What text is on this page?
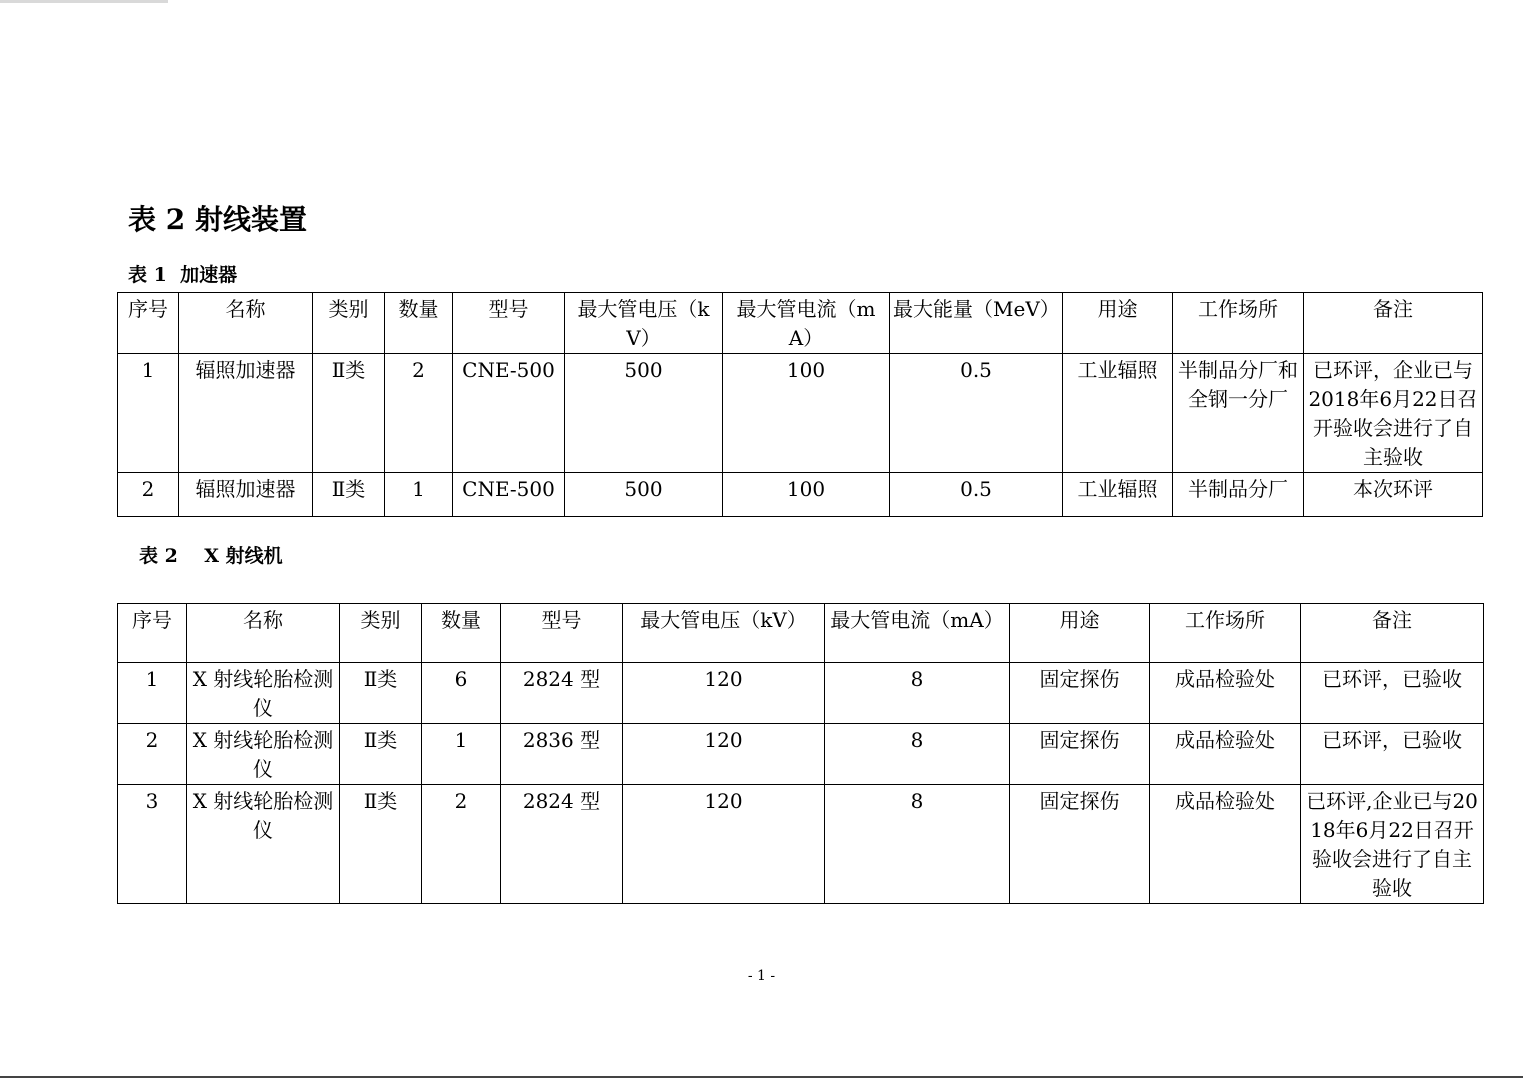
表 2 射线装置
表 1  加速器
序号	名称	类别	数量	型号	最大管电压（kV）	最大管电流（mA）	最大能量（MeV）	用途	工作场所	备注
1	辐照加速器	Ⅱ类	2	CNE-500	500	100	0.5	工业辐照	半制品分厂和全钢一分厂	已环评，企业已与2018年6月22日召开验收会进行了自主验收
2	辐照加速器	Ⅱ类	1	CNE-500	500	100	0.5	工业辐照	半制品分厂	本次环评
表 2    X 射线机
序号	名称	类别	数量	型号	最大管电压（kV）	最大管电流（mA）	用途	工作场所	备注
1	X 射线轮胎检测仪	Ⅱ类	6	2824 型	120	8	固定探伤	成品检验处	已环评，已验收
2	X 射线轮胎检测仪	Ⅱ类	1	2836 型	120	8	固定探伤	成品检验处	已环评，已验收
3	X 射线轮胎检测仪	Ⅱ类	2	2824 型	120	8	固定探伤	成品检验处	已环评,企业已与2018年6月22日召开验收会进行了自主验收
- 1 -
